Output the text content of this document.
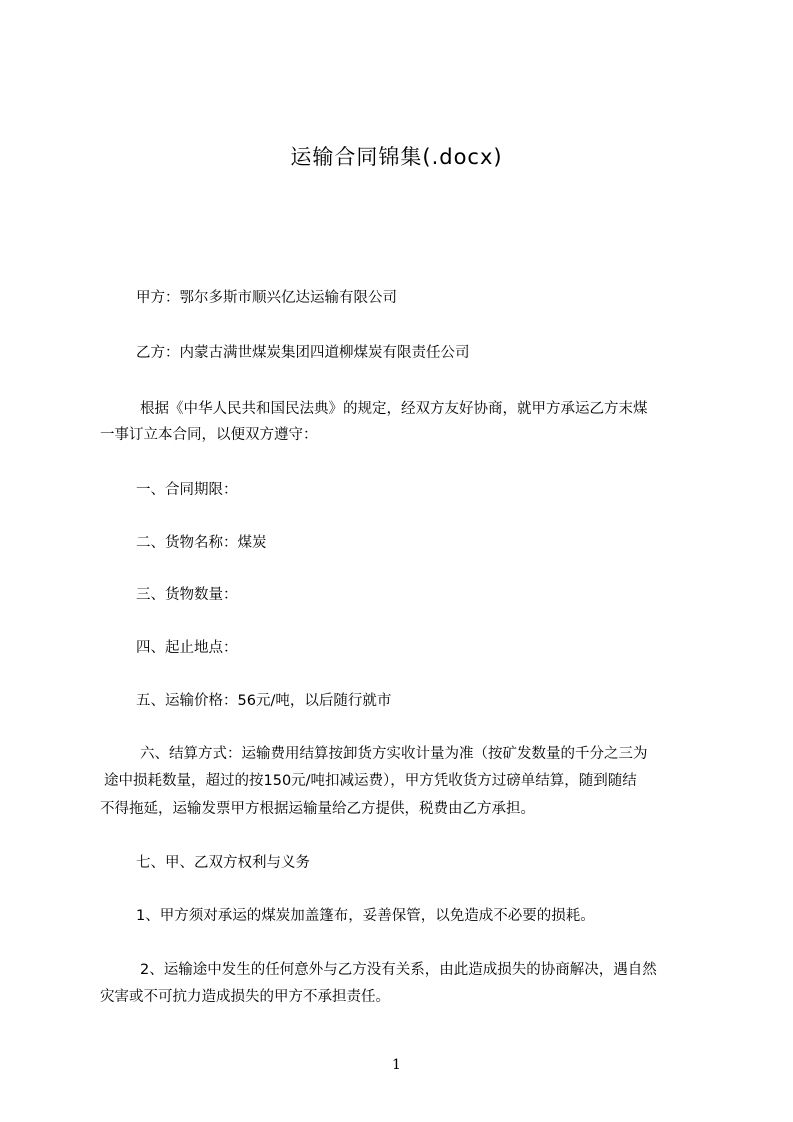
运输合同锦集(.docx)
甲方：鄂尔多斯市顺兴亿达运输有限公司
乙方：内蒙古满世煤炭集团四道柳煤炭有限责任公司
根据《中华人民共和国民法典》的规定，经双方友好协商，就甲方承运乙方末煤
一事订立本合同，以便双方遵守：
一、合同期限：
二、货物名称：煤炭
三、货物数量：
四、起止地点：
五、运输价格：56元/吨，以后随行就市
六、结算方式：运输费用结算按卸货方实收计量为准（按矿发数量的千分之三为
途中损耗数量，超过的按150元/吨扣减运费），甲方凭收货方过磅单结算，随到随结
不得拖延，运输发票甲方根据运输量给乙方提供，税费由乙方承担。
七、甲、乙双方权利与义务
1、甲方须对承运的煤炭加盖篷布，妥善保管，以免造成不必要的损耗。
2、运输途中发生的任何意外与乙方没有关系，由此造成损失的协商解决，遇自然
灾害或不可抗力造成损失的甲方不承担责任。
1
